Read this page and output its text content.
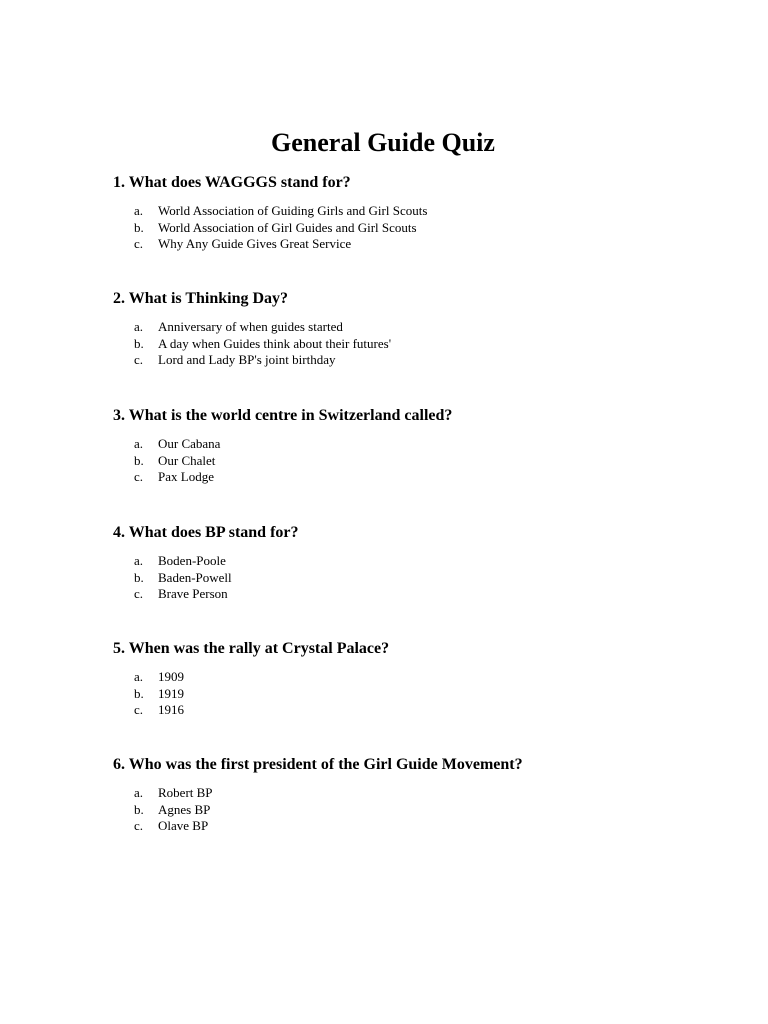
General Guide Quiz
1. What does WAGGGS stand for?
a.	World Association of Guiding Girls and Girl Scouts
b.	World Association of Girl Guides and Girl Scouts
c.	Why Any Guide Gives Great Service
2. What is Thinking Day?
a.	Anniversary of when guides started
b.	A day when Guides think about their futures'
c.	Lord and Lady BP's joint birthday
3. What is the world centre in Switzerland called?
a.	Our Cabana
b.	Our Chalet
c.	Pax Lodge
4. What does BP stand for?
a.	Boden-Poole
b.	Baden-Powell
c.	Brave Person
5. When was the rally at Crystal Palace?
a.	1909
b.	1919
c.	1916
6. Who was the first president of the Girl Guide Movement?
a.	Robert BP
b.	Agnes BP
c.	Olave BP
